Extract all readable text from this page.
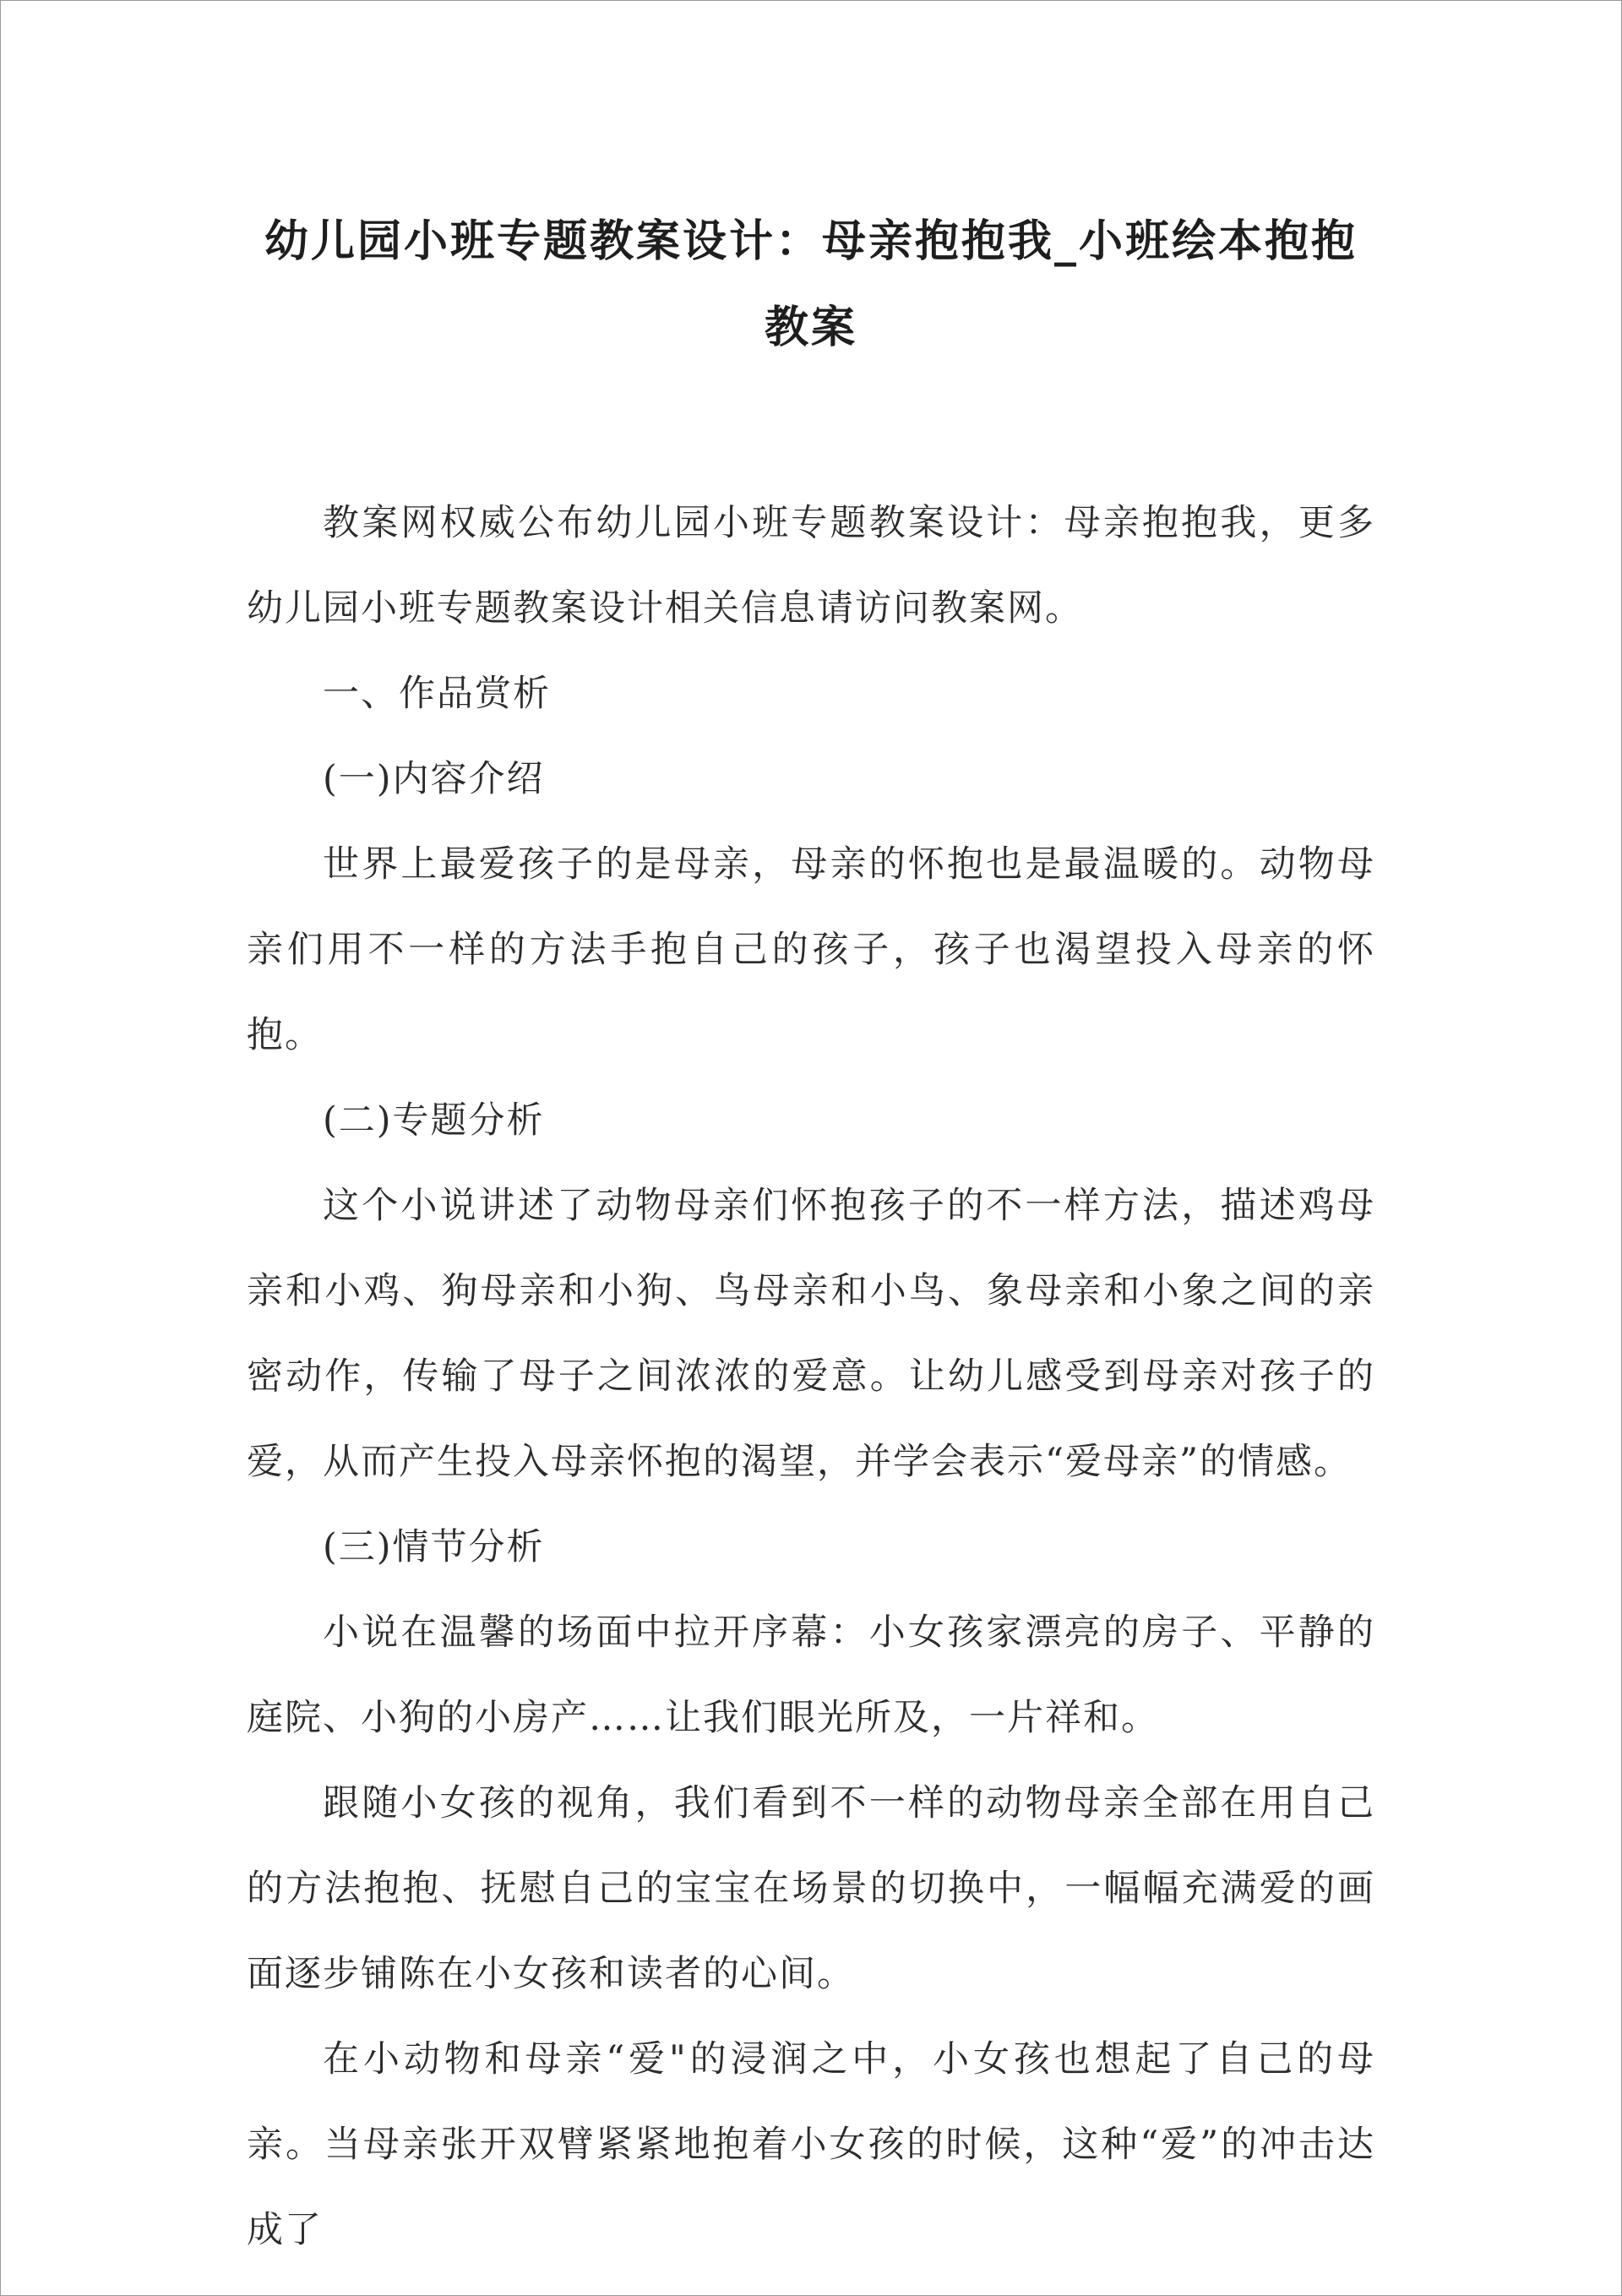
幼儿园小班专题教案设计：母亲抱抱我_小班绘本抱抱教案

教案网权威公布幼儿园小班专题教案设计：母亲抱抱我，更多幼儿园小班专题教案设计相关信息请访问教案网。

一、作品赏析

(一)内容介绍

世界上最爱孩子的是母亲，母亲的怀抱也是最温暖的。动物母亲们用不一样的方法手抱自己的孩子，孩子也渴望投入母亲的怀抱。

(二)专题分析

这个小说讲述了动物母亲们怀抱孩子的不一样方法，描述鸡母亲和小鸡、狗母亲和小狗、鸟母亲和小鸟、象母亲和小象之间的亲密动作，传输了母子之间浓浓的爱意。让幼儿感受到母亲对孩子的爱，从而产生投入母亲怀抱的渴望，并学会表示“爱母亲”的情感。

(三)情节分析

小说在温馨的场面中拉开序幕：小女孩家漂亮的房子、平静的庭院、小狗的小房产……让我们眼光所及，一片祥和。

跟随小女孩的视角，我们看到不一样的动物母亲全部在用自己的方法抱抱、抚慰自己的宝宝在场景的切换中，一幅幅充满爱的画面逐步铺陈在小女孩和读者的心间。

在小动物和母亲“爱"的浸润之中，小女孩也想起了自己的母亲。当母亲张开双臂紧紧地抱着小女孩的时候，这种“爱”的冲击达成了
